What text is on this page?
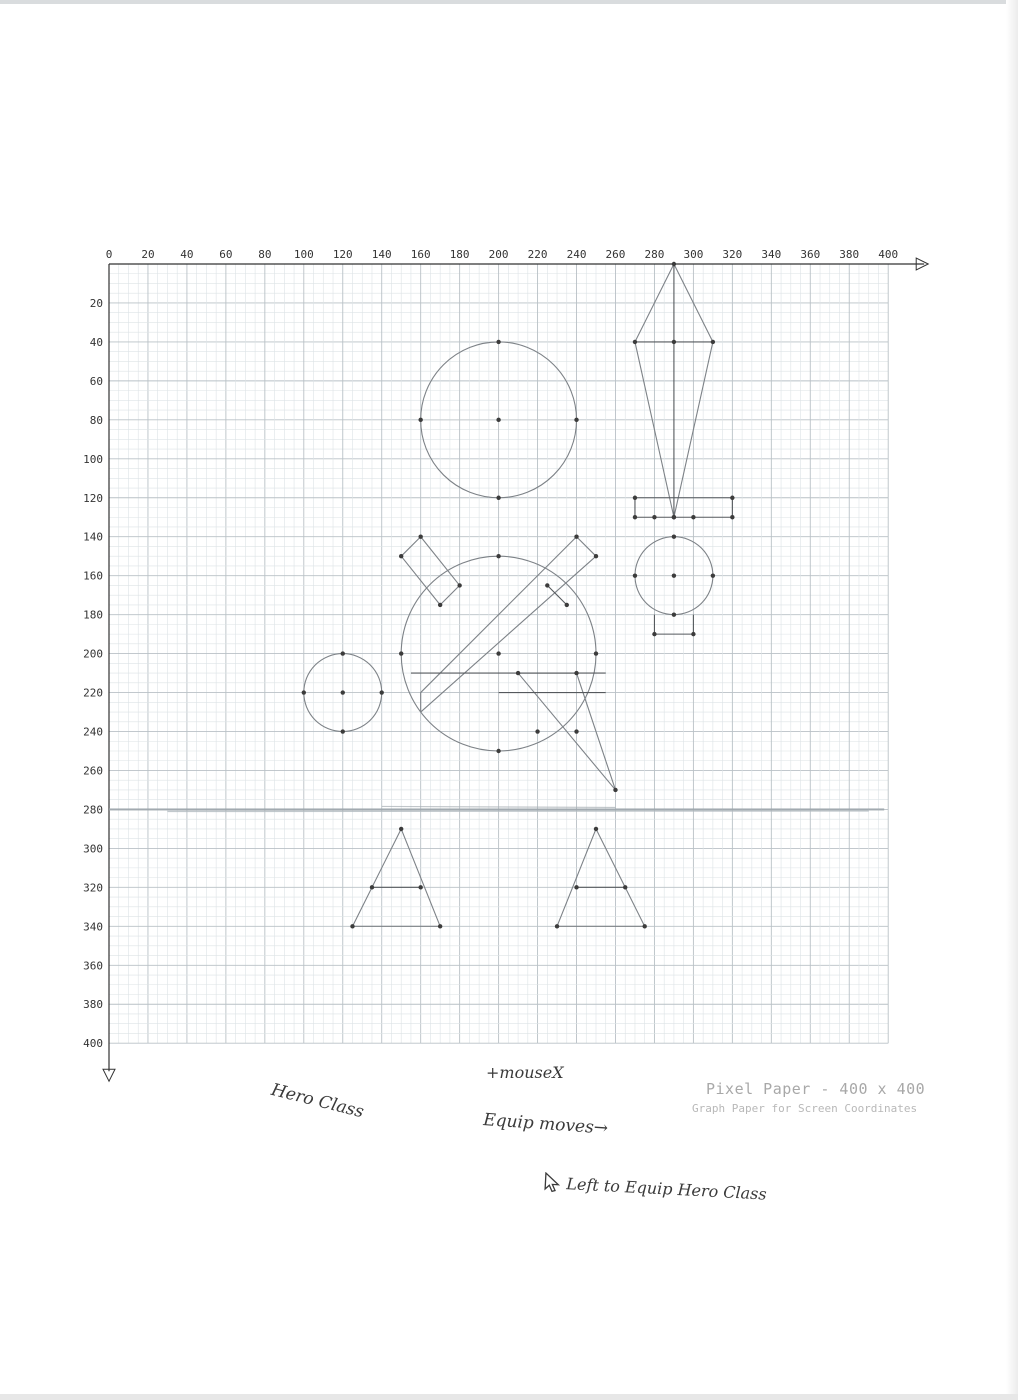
0	20 40 60 80 100 120 140 160 180 200 220 240 260 280 300 320 340 360 380 400
20
40
60
80
100
120
140
160
180
200
220
240
260
280
300
320
340
360
380
400
Hero Class
+mouseX
Equip moves→
Left to Equip Hero Class
Pixel Paper - 400 x 400
Graph Paper for Screen Coordinates
